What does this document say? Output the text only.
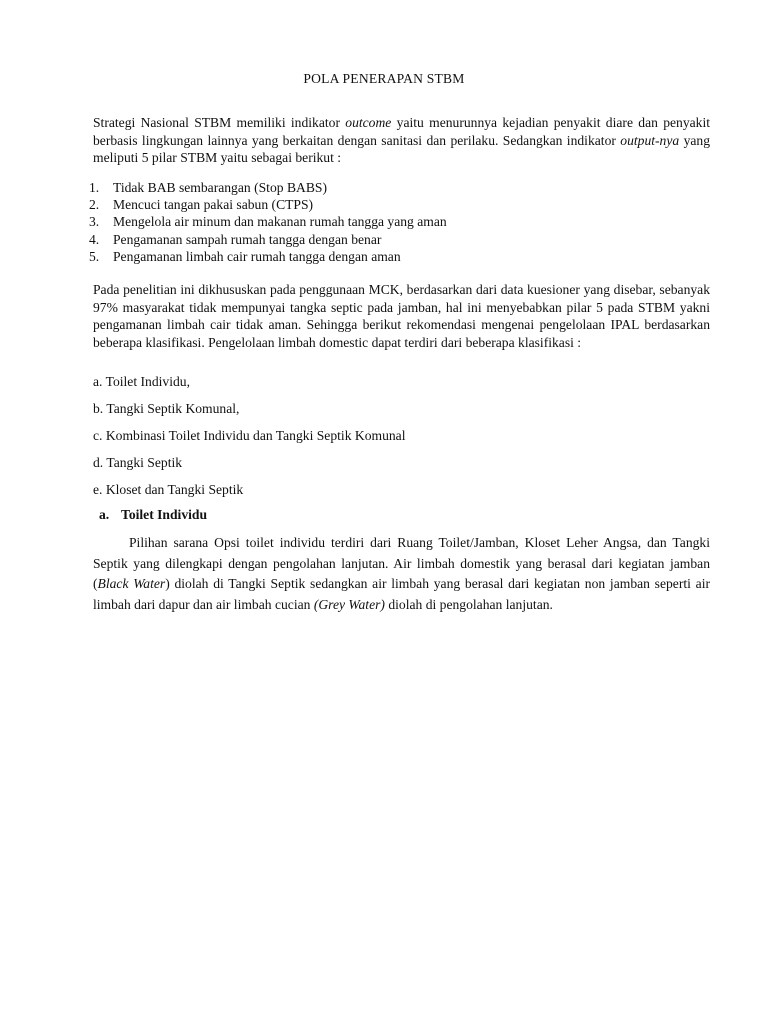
POLA PENERAPAN STBM

Strategi Nasional STBM memiliki indikator outcome yaitu menurunnya kejadian penyakit diare dan penyakit berbasis lingkungan lainnya yang berkaitan dengan sanitasi dan perilaku. Sedangkan indikator output-nya yang meliputi 5 pilar STBM yaitu sebagai berikut :

1. Tidak BAB sembarangan (Stop BABS)
2. Mencuci tangan pakai sabun (CTPS)
3. Mengelola air minum dan makanan rumah tangga yang aman
4. Pengamanan sampah rumah tangga dengan benar
5. Pengamanan limbah cair rumah tangga dengan aman

Pada penelitian ini dikhususkan pada penggunaan MCK, berdasarkan dari data kuesioner yang disebar, sebanyak 97% masyarakat tidak mempunyai tangka septic pada jamban, hal ini menyebabkan pilar 5 pada STBM yakni pengamanan limbah cair tidak aman. Sehingga berikut rekomendasi mengenai pengelolaan IPAL berdasarkan beberapa klasifikasi. Pengelolaan limbah domestic dapat terdiri dari beberapa klasifikasi :

a. Toilet Individu,
b. Tangki Septik Komunal,
c. Kombinasi Toilet Individu dan Tangki Septik Komunal
d. Tangki Septik
e. Kloset dan Tangki Septik
a. Toilet Individu

Pilihan sarana Opsi toilet individu terdiri dari Ruang Toilet/Jamban, Kloset Leher Angsa, dan Tangki Septik yang dilengkapi dengan pengolahan lanjutan. Air limbah domestik yang berasal dari kegiatan jamban (Black Water) diolah di Tangki Septik sedangkan air limbah yang berasal dari kegiatan non jamban seperti air limbah dari dapur dan air limbah cucian (Grey Water) diolah di pengolahan lanjutan.
